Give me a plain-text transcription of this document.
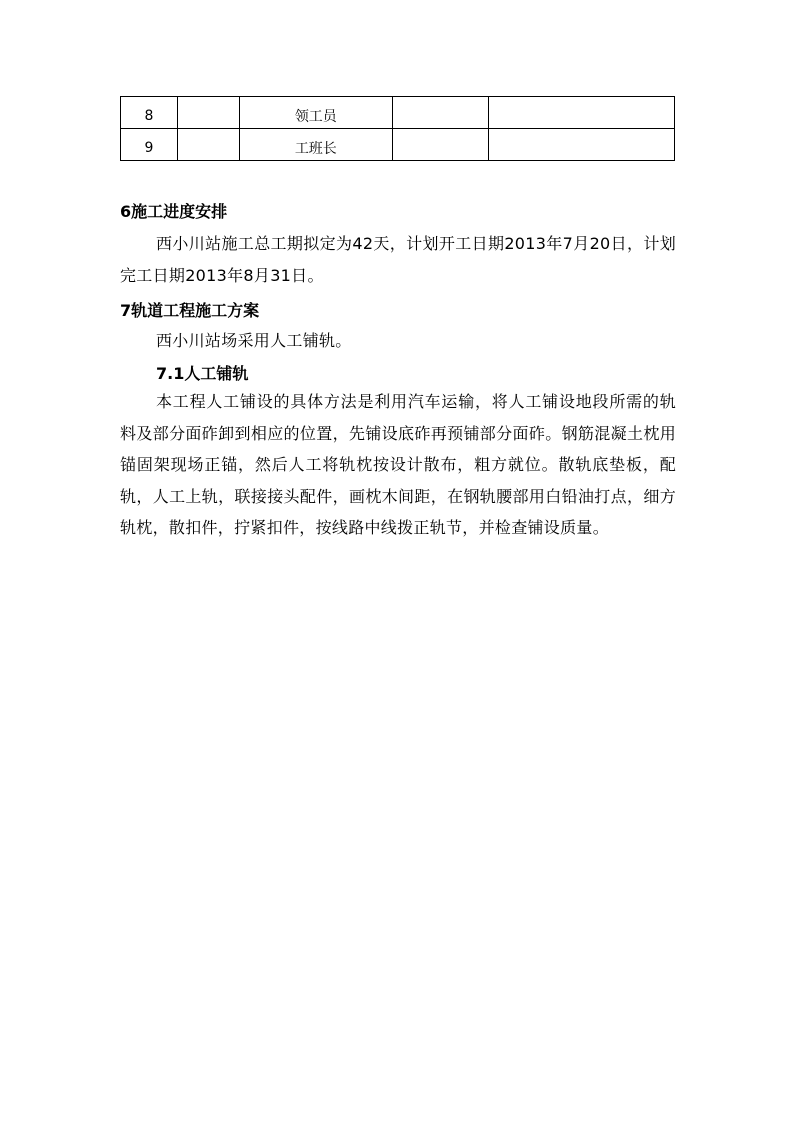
8		领工员		
9		工班长		
6施工进度安排
西小川站施工总工期拟定为42天，计划开工日期2013年7月20日，计划完工日期2013年8月31日。
7轨道工程施工方案
西小川站场采用人工铺轨。
7.1人工铺轨
本工程人工铺设的具体方法是利用汽车运输，将人工铺设地段所需的轨料及部分面砟卸到相应的位置，先铺设底砟再预铺部分面砟。钢筋混凝土枕用锚固架现场正锚，然后人工将轨枕按设计散布，粗方就位。散轨底垫板，配轨，人工上轨，联接接头配件，画枕木间距，在钢轨腰部用白铅油打点，细方轨枕，散扣件，拧紧扣件，按线路中线拨正轨节，并检查铺设质量。
